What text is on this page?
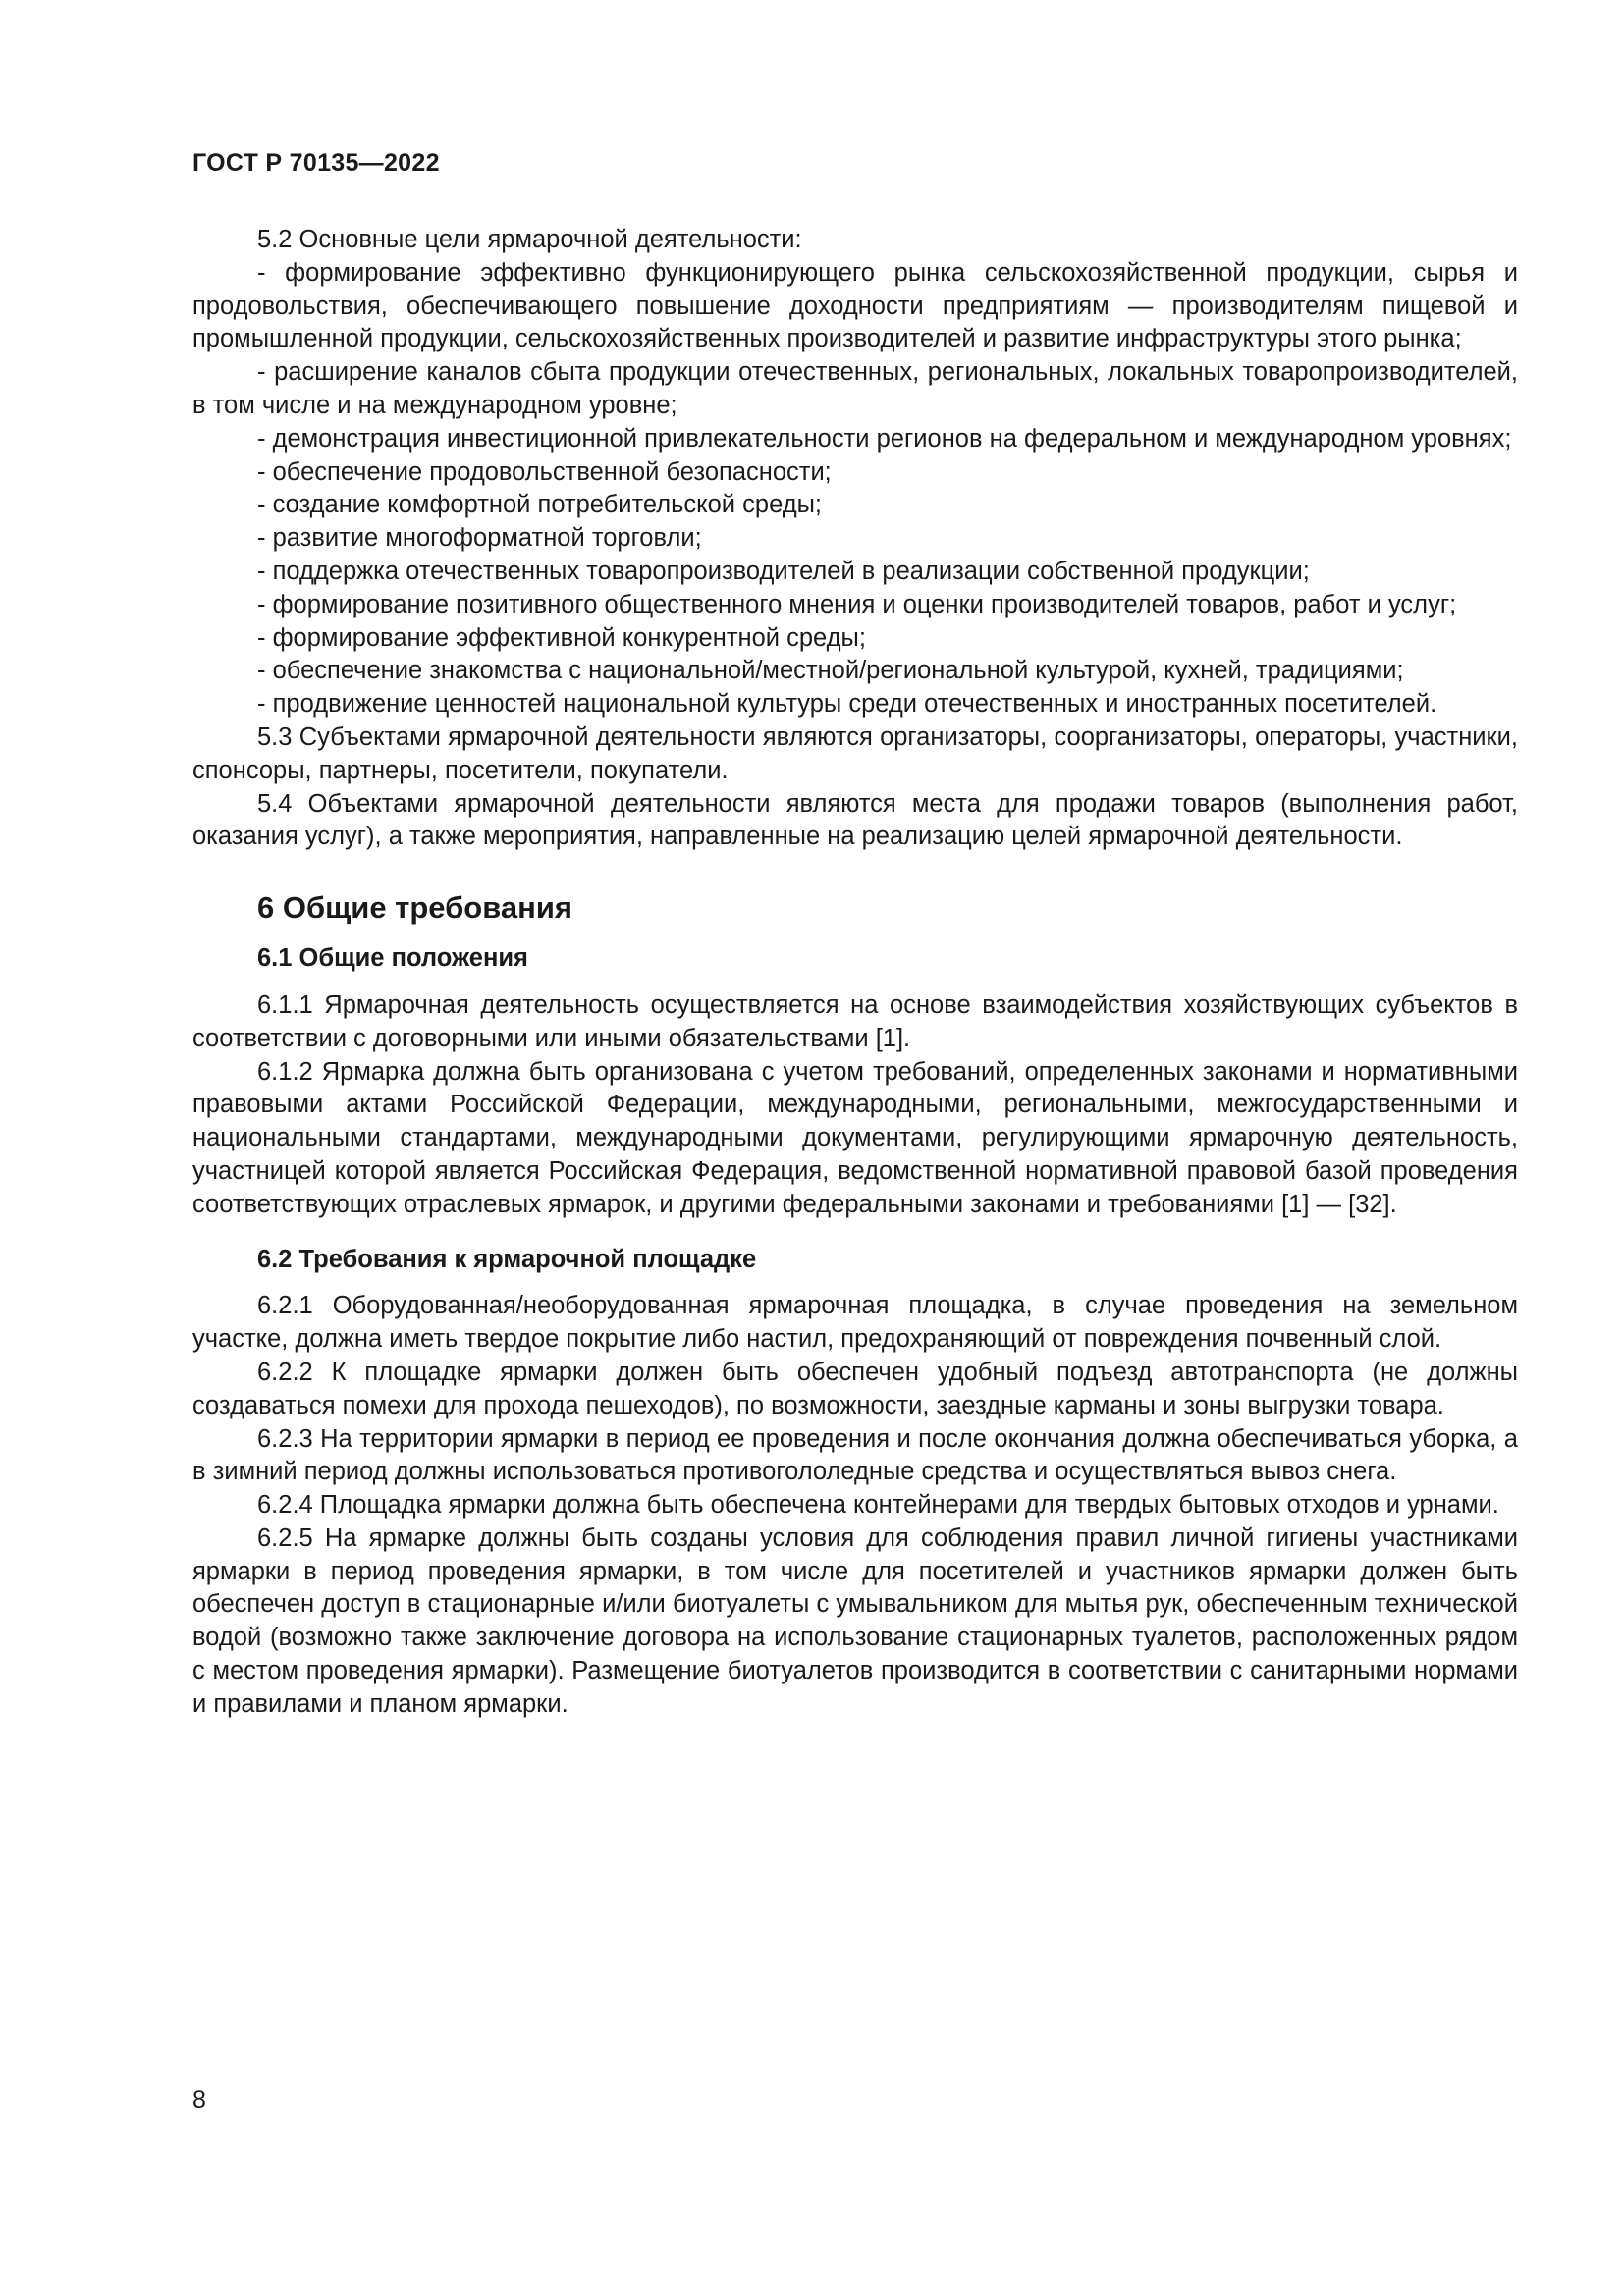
ГОСТ Р 70135—2022

5.2 Основные цели ярмарочной деятельности:

- формирование эффективно функционирующего рынка сельскохозяйственной продукции, сырья и продовольствия, обеспечивающего повышение доходности предприятиям — производителям пищевой и промышленной продукции, сельскохозяйственных производителей и развитие инфраструктуры этого рынка;

- расширение каналов сбыта продукции отечественных, региональных, локальных товаропроизводителей, в том числе и на международном уровне;

- демонстрация инвестиционной привлекательности регионов на федеральном и международном уровнях;

- обеспечение продовольственной безопасности;

- создание комфортной потребительской среды;

- развитие многоформатной торговли;

- поддержка отечественных товаропроизводителей в реализации собственной продукции;

- формирование позитивного общественного мнения и оценки производителей товаров, работ и услуг;

- формирование эффективной конкурентной среды;

- обеспечение знакомства с национальной/местной/региональной культурой, кухней, традициями;

- продвижение ценностей национальной культуры среди отечественных и иностранных посетителей.

5.3 Субъектами ярмарочной деятельности являются организаторы, соорганизаторы, операторы, участники, спонсоры, партнеры, посетители, покупатели.

5.4 Объектами ярмарочной деятельности являются места для продажи товаров (выполнения работ, оказания услуг), а также мероприятия, направленные на реализацию целей ярмарочной деятельности.

6 Общие требования
6.1 Общие положения

6.1.1 Ярмарочная деятельность осуществляется на основе взаимодействия хозяйствующих субъектов в соответствии с договорными или иными обязательствами [1].

6.1.2 Ярмарка должна быть организована с учетом требований, определенных законами и нормативными правовыми актами Российской Федерации, международными, региональными, межгосударственными и национальными стандартами, международными документами, регулирующими ярмарочную деятельность, участницей которой является Российская Федерация, ведомственной нормативной правовой базой проведения соответствующих отраслевых ярмарок, и другими федеральными законами и требованиями [1] — [32].

6.2 Требования к ярмарочной площадке

6.2.1 Оборудованная/необорудованная ярмарочная площадка, в случае проведения на земельном участке, должна иметь твердое покрытие либо настил, предохраняющий от повреждения почвенный слой.

6.2.2 К площадке ярмарки должен быть обеспечен удобный подъезд автотранспорта (не должны создаваться помехи для прохода пешеходов), по возможности, заездные карманы и зоны выгрузки товара.

6.2.3 На территории ярмарки в период ее проведения и после окончания должна обеспечиваться уборка, а в зимний период должны использоваться противогололедные средства и осуществляться вывоз снега.

6.2.4 Площадка ярмарки должна быть обеспечена контейнерами для твердых бытовых отходов и урнами.

6.2.5 На ярмарке должны быть созданы условия для соблюдения правил личной гигиены участниками ярмарки в период проведения ярмарки, в том числе для посетителей и участников ярмарки должен быть обеспечен доступ в стационарные и/или биотуалеты с умывальником для мытья рук, обеспеченным технической водой (возможно также заключение договора на использование стационарных туалетов, расположенных рядом с местом проведения ярмарки). Размещение биотуалетов производится в соответствии с санитарными нормами и правилами и планом ярмарки.

8
